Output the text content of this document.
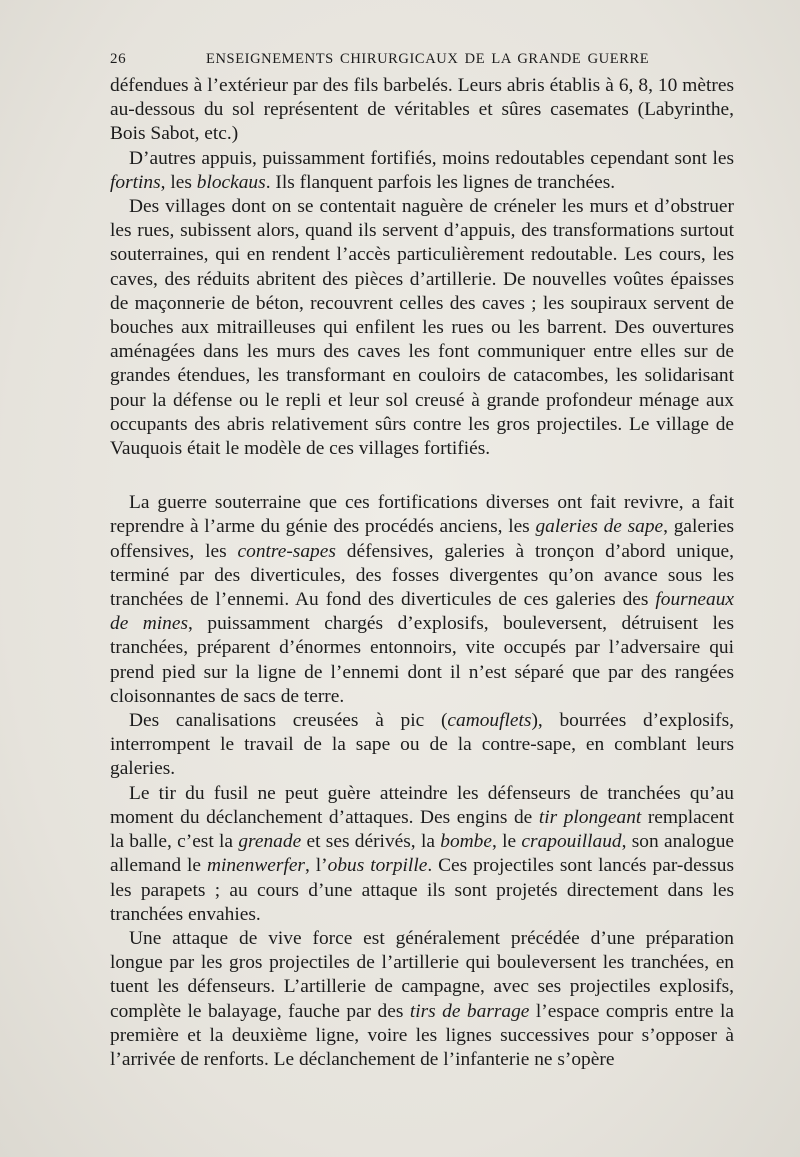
26	ENSEIGNEMENTS CHIRURGICAUX DE LA GRANDE GUERRE

défendues à l’extérieur par des fils barbelés. Leurs abris établis à 6, 8, 10 mètres au-dessous du sol représentent de véritables et sûres casemates (Labyrinthe, Bois Sabot, etc.)

D’autres appuis, puissamment fortifiés, moins redoutables cependant sont les fortins, les blockaus. Ils flanquent parfois les lignes de tranchées.

Des villages dont on se contentait naguère de créneler les murs et d’obstruer les rues, subissent alors, quand ils servent d’appuis, des transformations surtout souterraines, qui en rendent l’accès particulièrement redoutable. Les cours, les caves, des réduits abritent des pièces d’artillerie. De nouvelles voûtes épaisses de maçonnerie de béton, recouvrent celles des caves ; les soupiraux servent de bouches aux mitrailleuses qui enfilent les rues ou les barrent. Des ouvertures aménagées dans les murs des caves les font communiquer entre elles sur de grandes étendues, les transformant en couloirs de catacombes, les solidarisant pour la défense ou le repli et leur sol creusé à grande profondeur ménage aux occupants des abris relativement sûrs contre les gros projectiles. Le village de Vauquois était le modèle de ces villages fortifiés.

La guerre souterraine que ces fortifications diverses ont fait revivre, a fait reprendre à l’arme du génie des procédés anciens, les galeries de sape, galeries offensives, les contre-sapes défensives, galeries à tronçon d’abord unique, terminé par des diverticules, des fosses divergentes qu’on avance sous les tranchées de l’ennemi. Au fond des diverticules de ces galeries des fourneaux de mines, puissamment chargés d’explosifs, bouleversent, détruisent les tranchées, préparent d’énormes entonnoirs, vite occupés par l’adversaire qui prend pied sur la ligne de l’ennemi dont il n’est séparé que par des rangées cloisonnantes de sacs de terre.

Des canalisations creusées à pic (camouflets), bourrées d’explosifs, interrompent le travail de la sape ou de la contre-sape, en comblant leurs galeries.

Le tir du fusil ne peut guère atteindre les défenseurs de tranchées qu’au moment du déclanchement d’attaques. Des engins de tir plongeant remplacent la balle, c’est la grenade et ses dérivés, la bombe, le crapouillaud, son analogue allemand le minenwerfer, l’obus torpille. Ces projectiles sont lancés par-dessus les parapets ; au cours d’une attaque ils sont projetés directement dans les tranchées envahies.

Une attaque de vive force est généralement précédée d’une préparation longue par les gros projectiles de l’artillerie qui bouleversent les tranchées, en tuent les défenseurs. L’artillerie de campagne, avec ses projectiles explosifs, complète le balayage, fauche par des tirs de barrage l’espace compris entre la première et la deuxième ligne, voire les lignes successives pour s’opposer à l’arrivée de renforts. Le déclanchement de l’infanterie ne s’opère
